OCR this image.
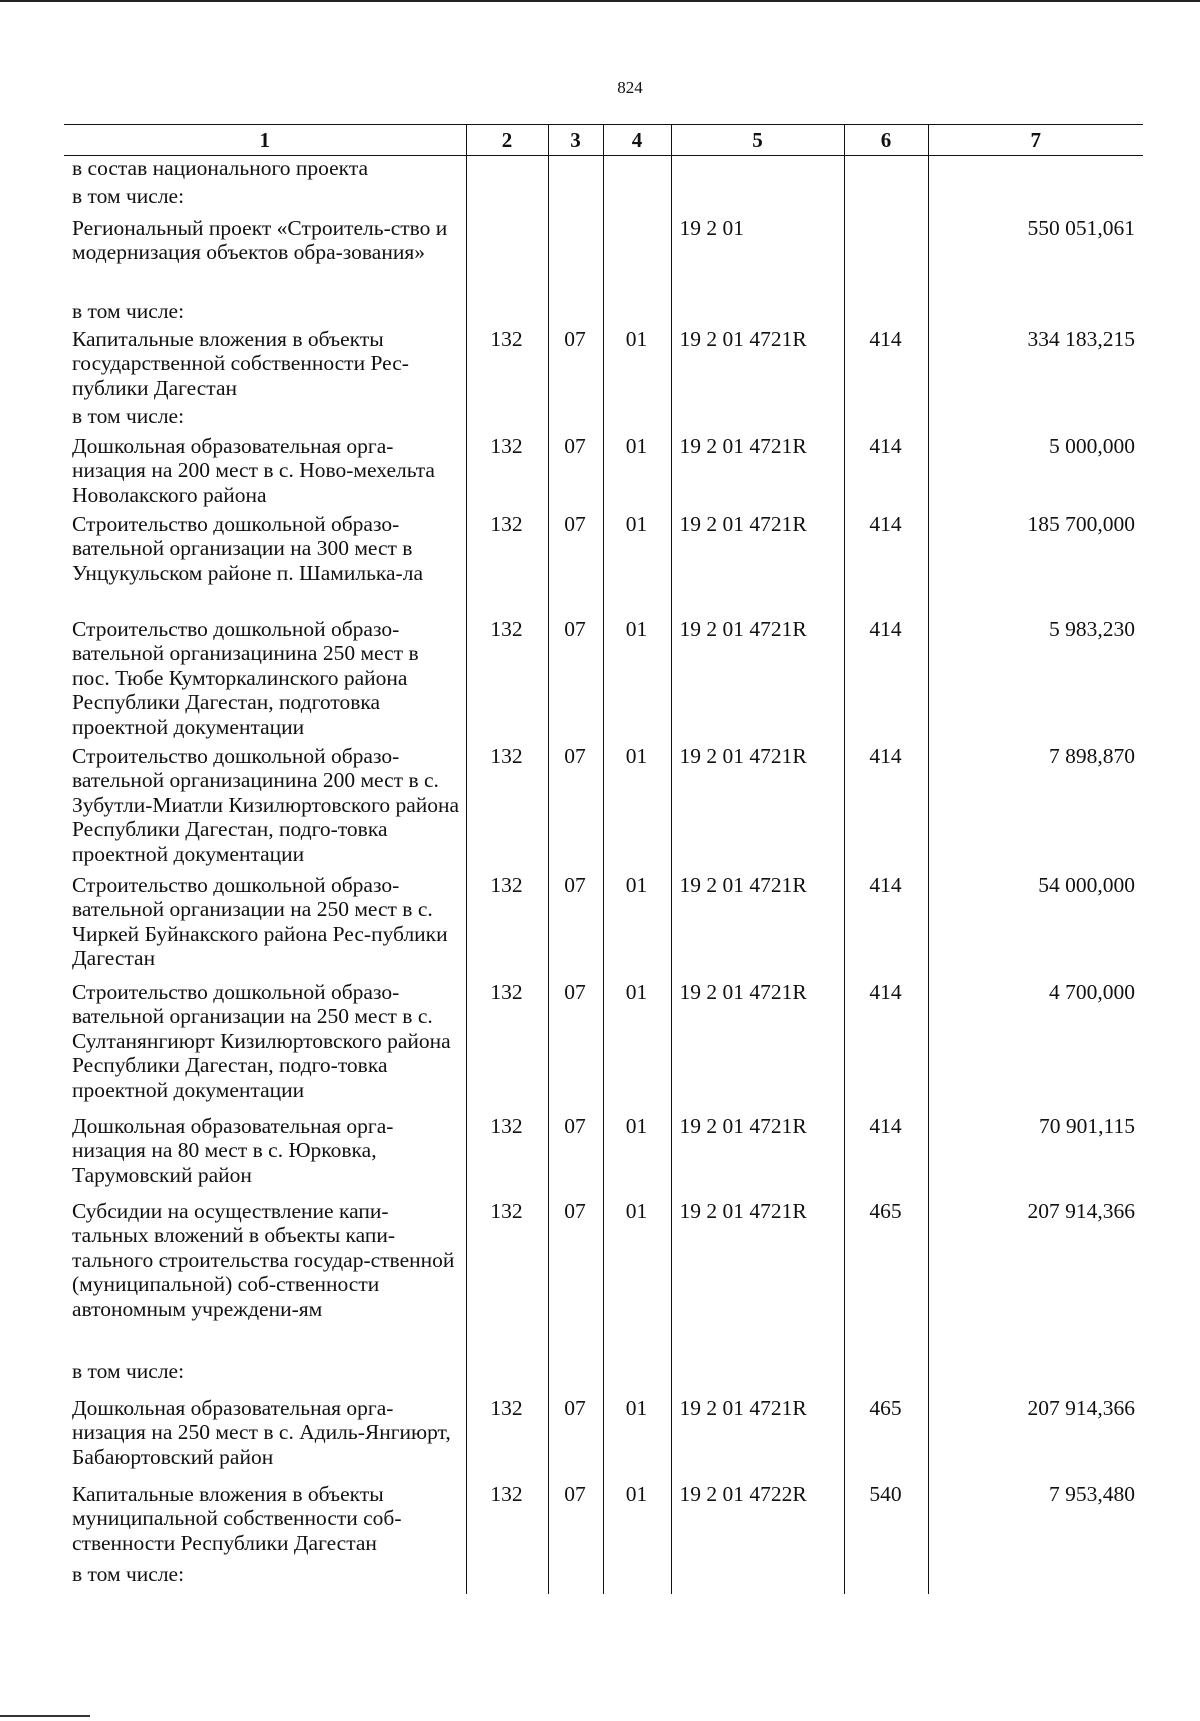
824
1	2	3	4	5	6	7
в состав национального проекта						
в том числе:						
Региональный проект «Строитель-ство и модернизация объектов обра-зования»				19 2 01		550 051,061
в том числе:						
Капитальные вложения в объекты государственной собственности Рес-публики Дагестан	132	07	01	19 2 01 4721R	414	334 183,215
в том числе:						
Дошкольная образовательная орга-низация на 200 мест в с. Ново-мехельта Новолакского района	132	07	01	19 2 01 4721R	414	5 000,000
Строительство дошкольной образо-вательной организации на 300 мест в Унцукульском районе п. Шамилька-ла	132	07	01	19 2 01 4721R	414	185 700,000
Строительство дошкольной образо-вательной организацинина 250 мест в пос. Тюбе Кумторкалинского района Республики Дагестан, подготовка проектной документации	132	07	01	19 2 01 4721R	414	5 983,230
Строительство дошкольной образо-вательной организацинина 200 мест в с. Зубутли-Миатли Кизилюртовского района Республики Дагестан, подго-товка проектной документации	132	07	01	19 2 01 4721R	414	7 898,870
Строительство дошкольной образо-вательной организации на 250 мест в с. Чиркей Буйнакского района Рес-публики Дагестан	132	07	01	19 2 01 4721R	414	54 000,000
Строительство дошкольной образо-вательной организации на 250 мест в с. Султанянгиюрт Кизилюртовского района Республики Дагестан, подго-товка проектной документации	132	07	01	19 2 01 4721R	414	4 700,000
Дошкольная образовательная орга-низация на 80 мест в с. Юрковка, Тарумовский район	132	07	01	19 2 01 4721R	414	70 901,115
Субсидии на осуществление капи-тальных вложений в объекты капи-тального строительства государ-ственной (муниципальной) соб-ственности автономным учреждени-ям	132	07	01	19 2 01 4721R	465	207 914,366
в том числе:						
Дошкольная образовательная орга-низация на 250 мест в с. Адиль-Янгиюрт, Бабаюртовский район	132	07	01	19 2 01 4721R	465	207 914,366
Капитальные вложения в объекты муниципальной собственности соб-ственности Республики Дагестан	132	07	01	19 2 01 4722R	540	7 953,480
в том числе:						
